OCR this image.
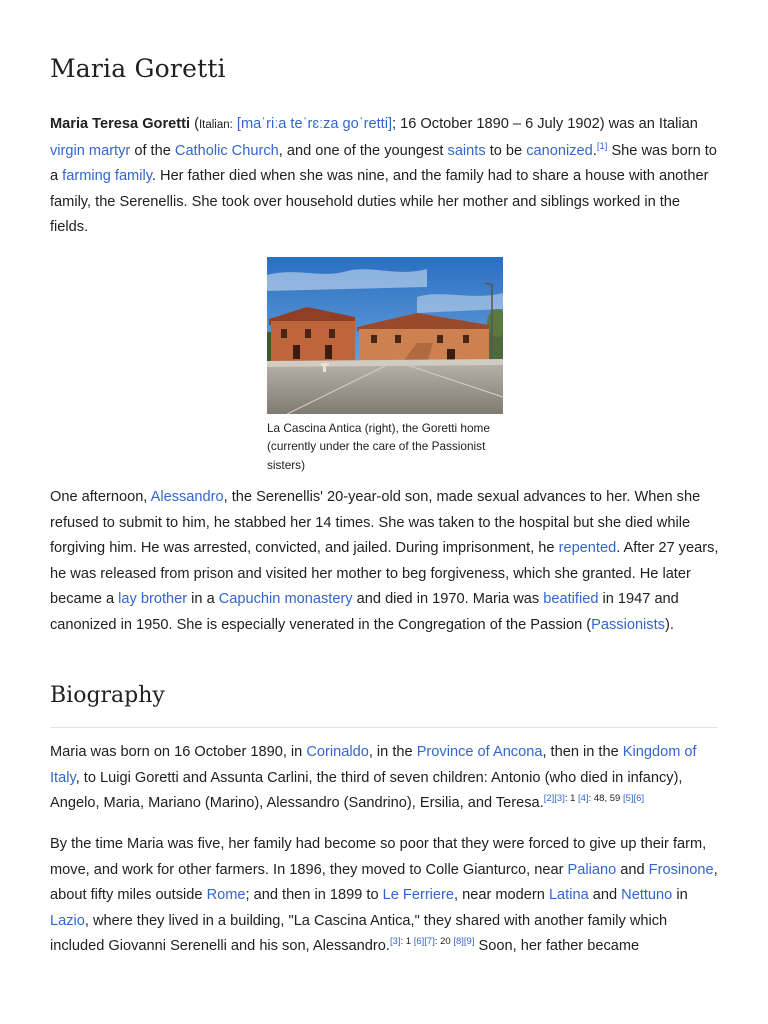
Maria Goretti

Maria Teresa Goretti (Italian: [maˈriːa teˈrɛːza goˈretti]; 16 October 1890 – 6 July 1902) was an Italian virgin martyr of the Catholic Church, and one of the youngest saints to be canonized.[1] She was born to a farming family. Her father died when she was nine, and the family had to share a house with another family, the Serenellis. She took over household duties while her mother and siblings worked in the fields.

La Cascina Antica (right), the Goretti home (currently under the care of the Passionist sisters)

One afternoon, Alessandro, the Serenellis' 20-year-old son, made sexual advances to her. When she refused to submit to him, he stabbed her 14 times. She was taken to the hospital but she died while forgiving him. He was arrested, convicted, and jailed. During imprisonment, he repented. After 27 years, he was released from prison and visited her mother to beg forgiveness, which she granted. He later became a lay brother in a Capuchin monastery and died in 1970. Maria was beatified in 1947 and canonized in 1950. She is especially venerated in the Congregation of the Passion (Passionists).

Biography

Maria was born on 16 October 1890, in Corinaldo, in the Province of Ancona, then in the Kingdom of Italy, to Luigi Goretti and Assunta Carlini, the third of seven children: Antonio (who died in infancy), Angelo, Maria, Mariano (Marino), Alessandro (Sandrino), Ersilia, and Teresa.[2][3]: 1 [4]: 48, 59 [5][6]

By the time Maria was five, her family had become so poor that they were forced to give up their farm, move, and work for other farmers. In 1896, they moved to Colle Gianturco, near Paliano and Frosinone, about fifty miles outside Rome; and then in 1899 to Le Ferriere, near modern Latina and Nettuno in Lazio, where they lived in a building, "La Cascina Antica," they shared with another family which included Giovanni Serenelli and his son, Alessandro.[3]: 1 [6][7]: 20 [8][9] Soon, her father became
